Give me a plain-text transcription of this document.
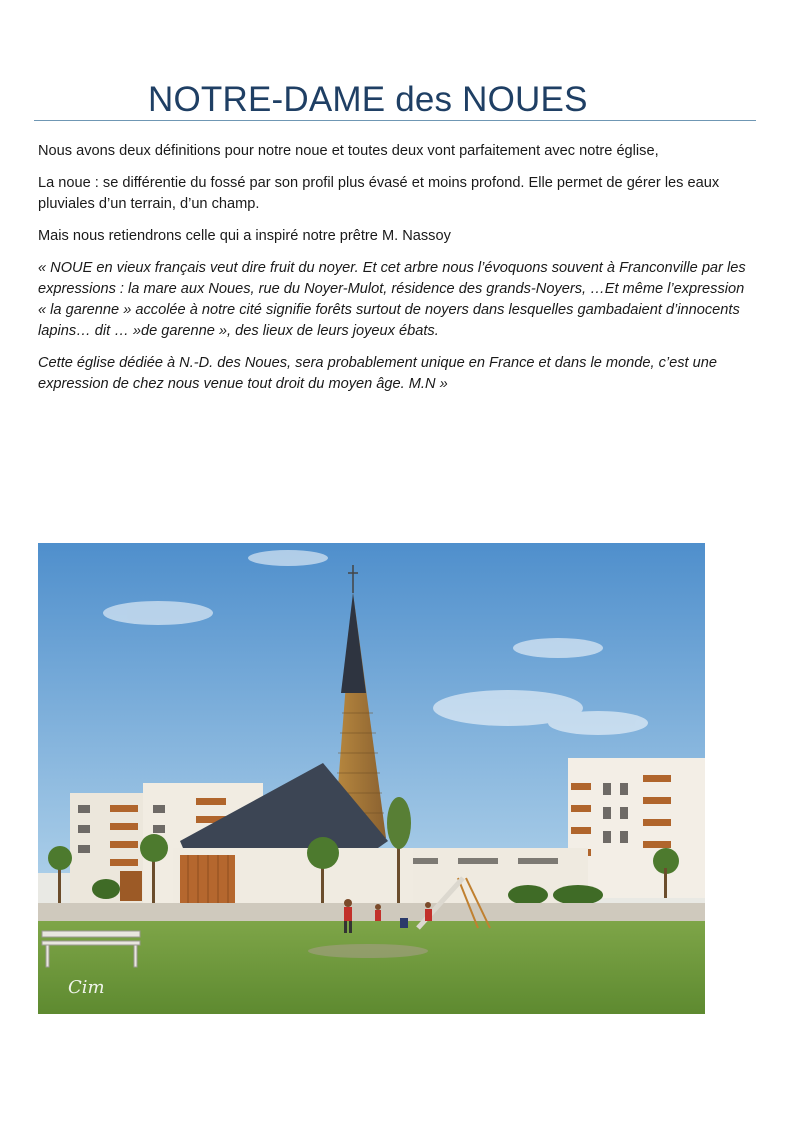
NOTRE-DAME des NOUES

Nous avons deux définitions pour notre noue et toutes deux vont parfaitement avec notre église,

La noue : se différentie du fossé par son profil plus évasé et moins profond. Elle permet de gérer les eaux pluviales d’un terrain, d’un champ.

Mais nous retiendrons celle qui a inspiré notre prêtre M. Nassoy

« NOUE en vieux français veut dire fruit du noyer. Et cet arbre nous l’évoquons souvent à Franconville par les expressions : la mare aux Noues, rue du Noyer-Mulot, résidence des grands-Noyers, …Et même l’expression « la garenne » accolée à notre cité signifie forêts surtout de noyers dans lesquelles gambadaient d’innocents lapins… dit … »de garenne », des lieux de leurs joyeux ébats.

Cette église dédiée à N.-D. des Noues, sera probablement unique en France et dans le monde, c’est une expression de chez nous venue tout droit du moyen âge. M.N »

Cim
